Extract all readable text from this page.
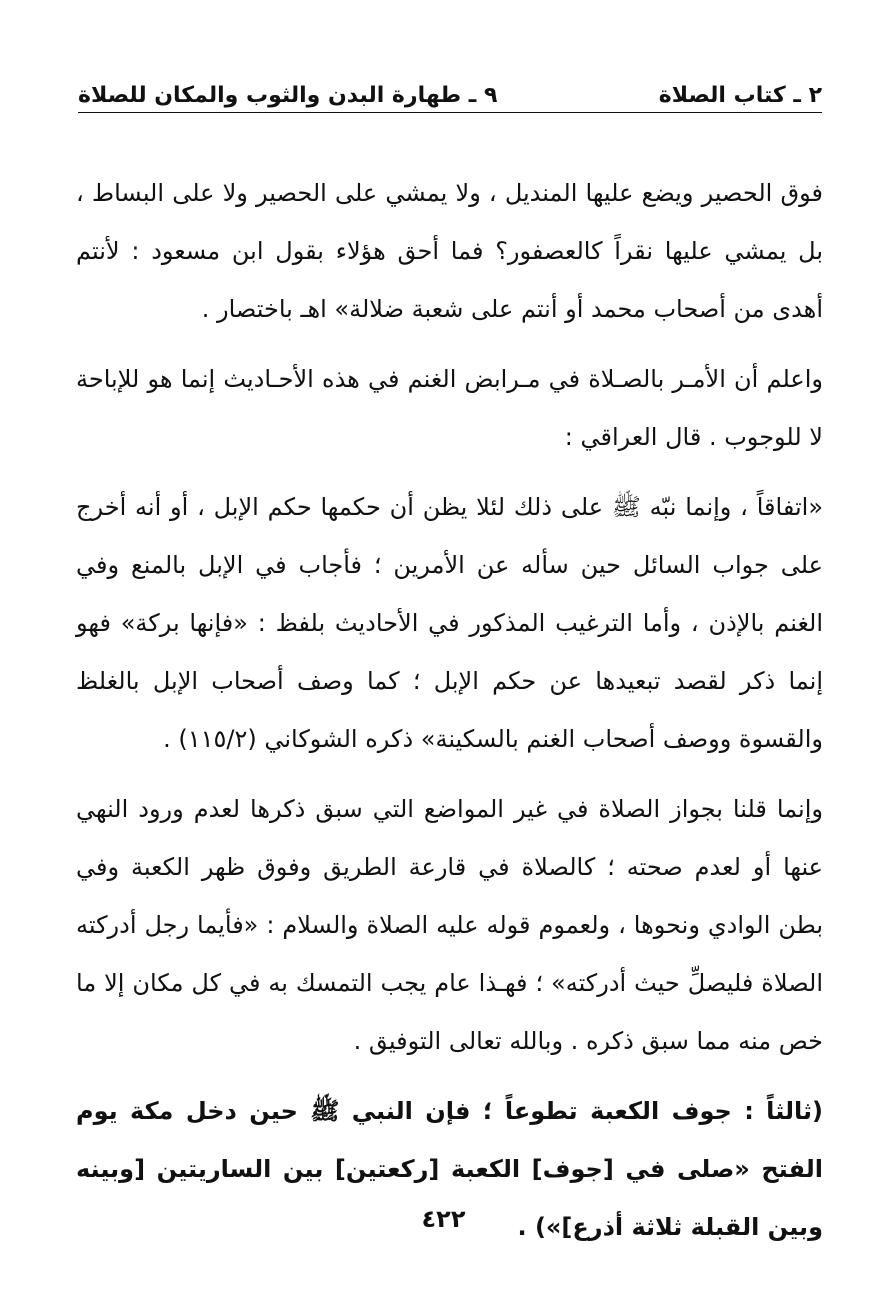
٢ ـ كتاب الصلاة
٩ ـ طهارة البدن والثوب والمكان للصلاة

فوق الحصير ويضع عليها المنديل ، ولا يمشي على الحصير ولا على البساط ، بل يمشي عليها نقراً كالعصفور؟ فما أحق هؤلاء بقول ابن مسعود : لأنتم أهدى من أصحاب محمد أو أنتم على شعبة ضلالة» اهـ باختصار .

واعلم أن الأمـر بالصـلاة في مـرابض الغنم في هذه الأحـاديث إنما هو للإباحة لا للوجوب . قال العراقي :

«اتفاقاً ، وإنما نبّه ﷺ على ذلك لئلا يظن أن حكمها حكم الإبل ، أو أنه أخرج على جواب السائل حين سأله عن الأمرين ؛ فأجاب في الإبل بالمنع وفي الغنم بالإذن ، وأما الترغيب المذكور في الأحاديث بلفظ : «فإنها بركة» فهو إنما ذكر لقصد تبعيدها عن حكم الإبل ؛ كما وصف أصحاب الإبل بالغلظ والقسوة ووصف أصحاب الغنم بالسكينة» ذكره الشوكاني (١١٥/٢) .

وإنما قلنا بجواز الصلاة في غير المواضع التي سبق ذكرها لعدم ورود النهي عنها أو لعدم صحته ؛ كالصلاة في قارعة الطريق وفوق ظهر الكعبة وفي بطن الوادي ونحوها ، ولعموم قوله عليه الصلاة والسلام : «فأيما رجل أدركته الصلاة فليصلِّ حيث أدركته» ؛ فهـذا عام يجب التمسك به في كل مكان إلا ما خص منه مما سبق ذكره . وبالله تعالى التوفيق .

(ثالثاً : جوف الكعبة تطوعاً ؛ فإن النبي ﷺ حين دخل مكة يوم الفتح «صلى في [جوف] الكعبة [ركعتين] بين الساريتين [وبينه وبين القبلة ثلاثة أذرع]») .

٤٢٢
